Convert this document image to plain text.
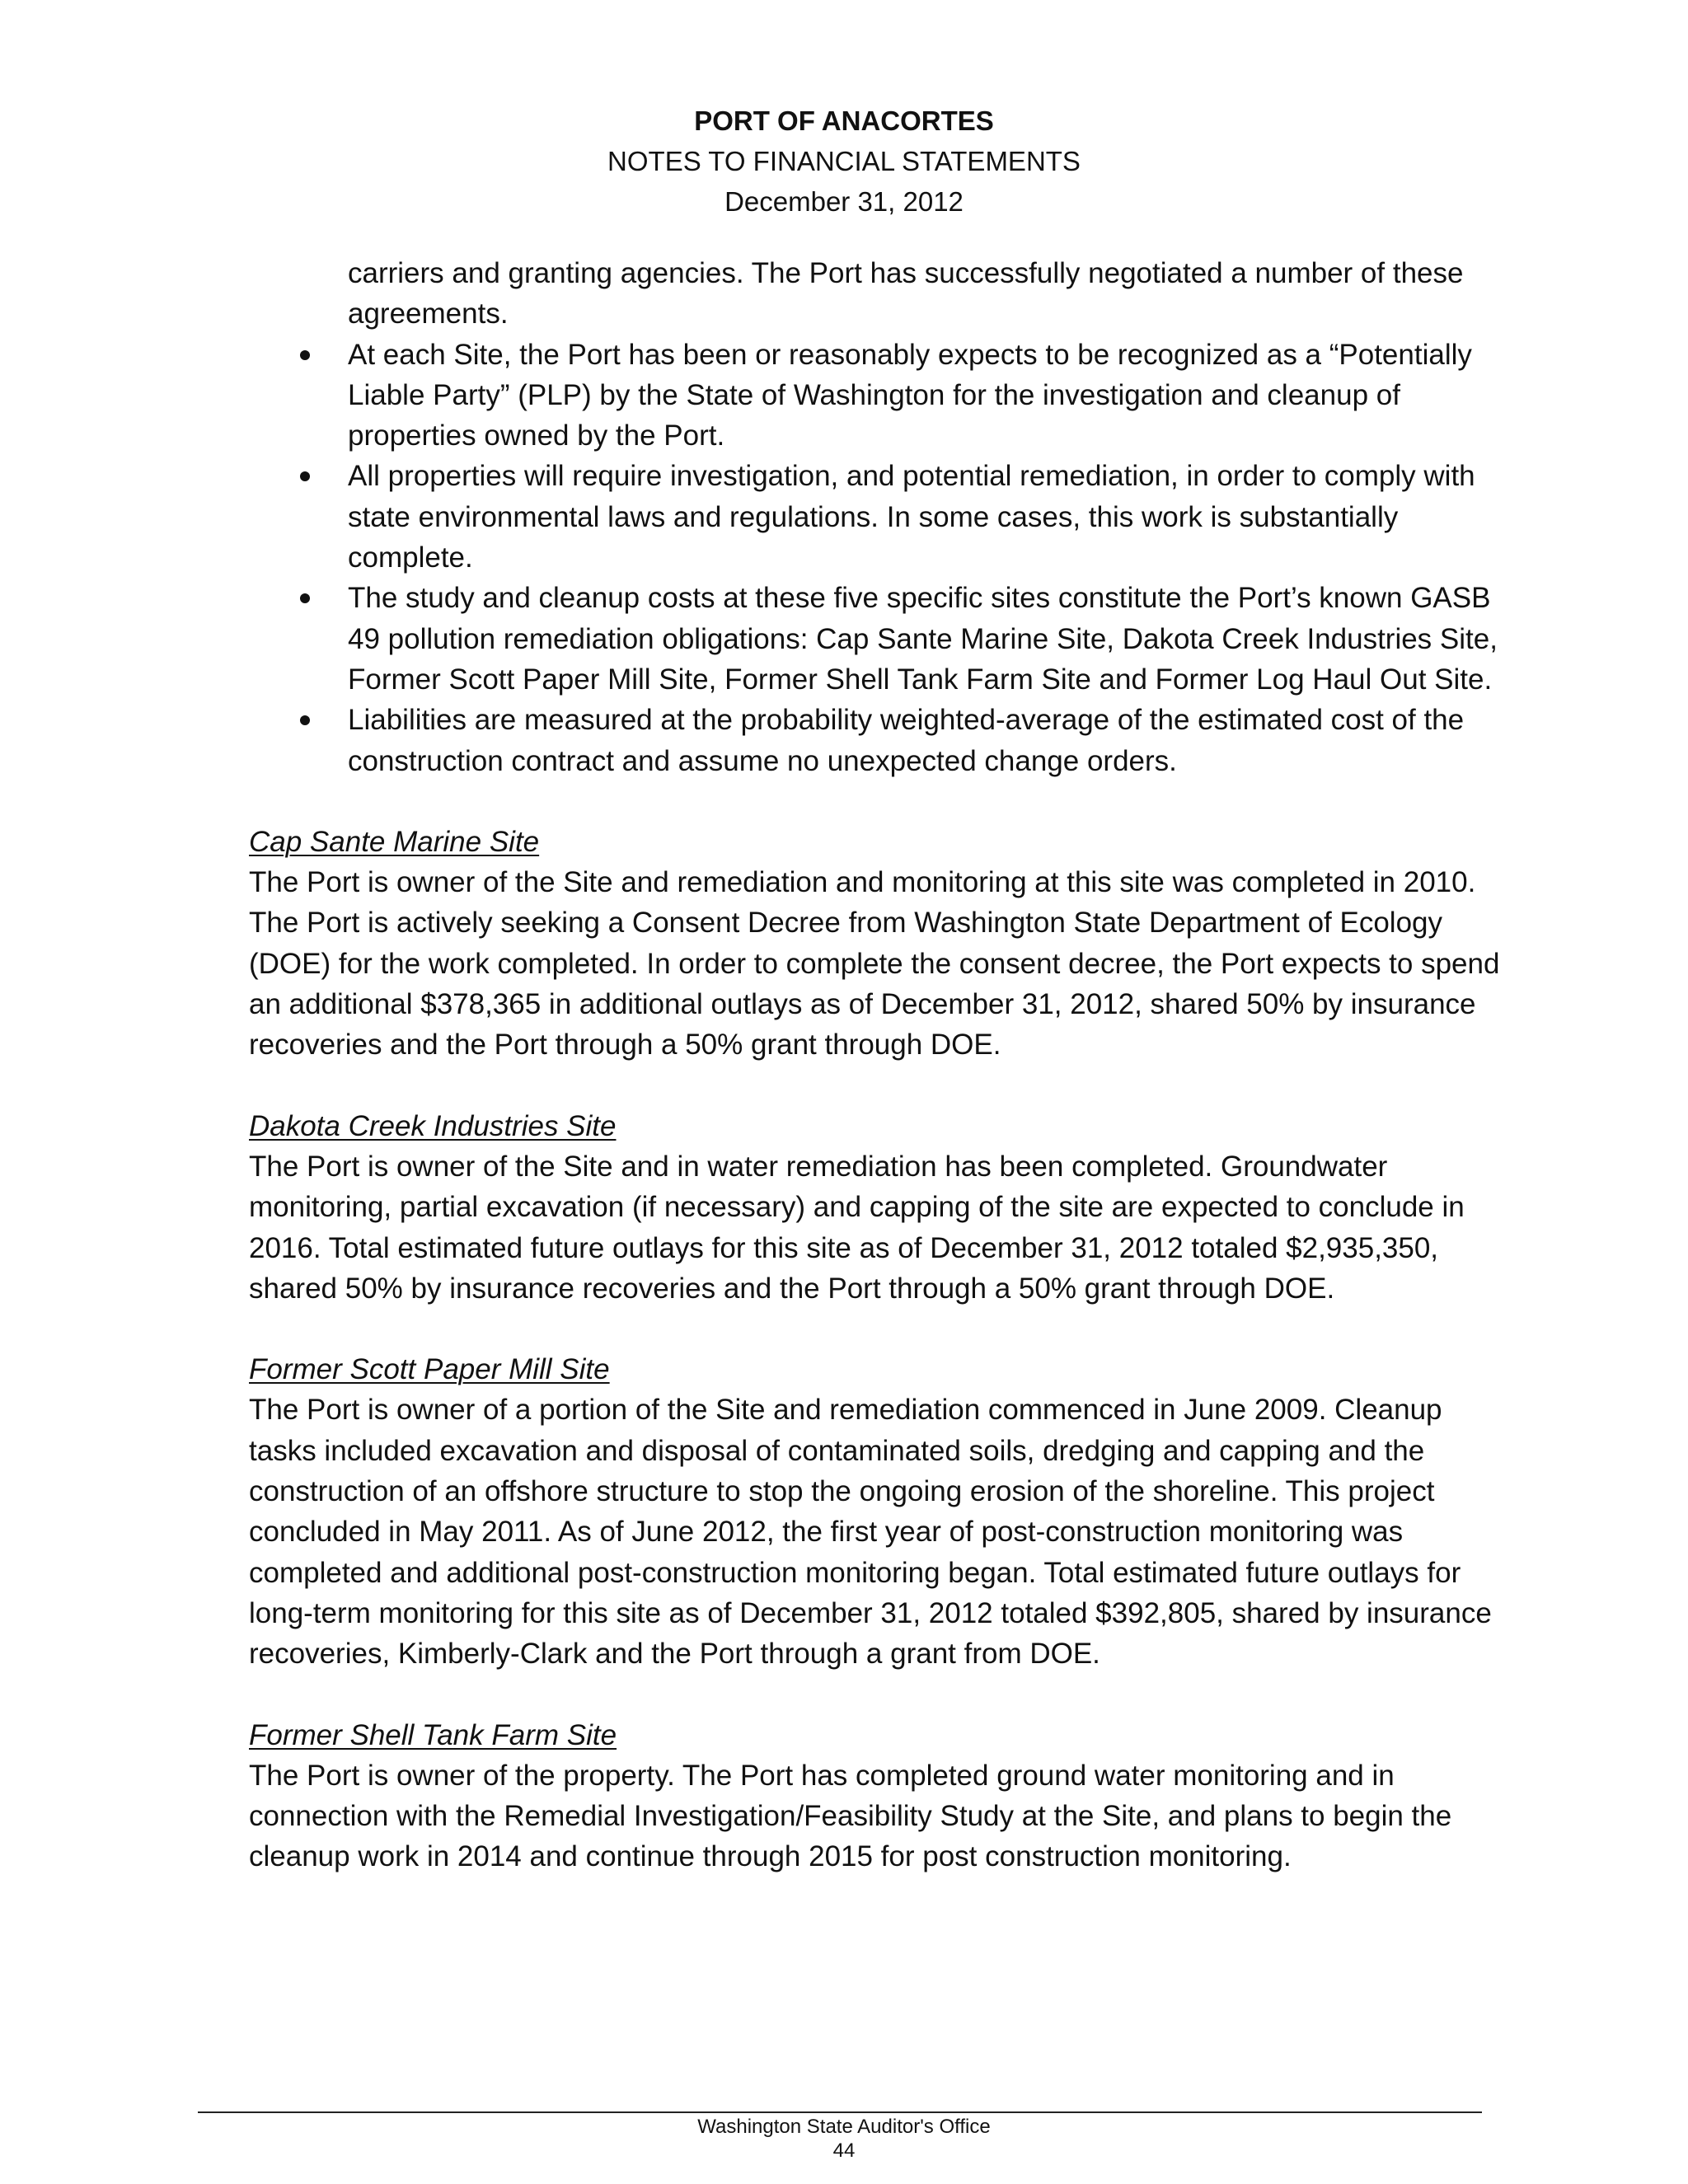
PORT OF ANACORTES
NOTES TO FINANCIAL STATEMENTS
December 31, 2012

carriers and granting agencies. The Port has successfully negotiated a number of these agreements.

At each Site, the Port has been or reasonably expects to be recognized as a “Potentially Liable Party” (PLP) by the State of Washington for the investigation and cleanup of properties owned by the Port.
All properties will require investigation, and potential remediation, in order to comply with state environmental laws and regulations. In some cases, this work is substantially complete.
The study and cleanup costs at these five specific sites constitute the Port’s known GASB 49 pollution remediation obligations: Cap Sante Marine Site, Dakota Creek Industries Site, Former Scott Paper Mill Site, Former Shell Tank Farm Site and Former Log Haul Out Site.
Liabilities are measured at the probability weighted-average of the estimated cost of the construction contract and assume no unexpected change orders.

Cap Sante Marine Site

The Port is owner of the Site and remediation and monitoring at this site was completed in 2010. The Port is actively seeking a Consent Decree from Washington State Department of Ecology (DOE) for the work completed. In order to complete the consent decree, the Port expects to spend an additional $378,365 in additional outlays as of December 31, 2012, shared 50% by insurance recoveries and the Port through a 50% grant through DOE.

Dakota Creek Industries Site

The Port is owner of the Site and in water remediation has been completed. Groundwater monitoring, partial excavation (if necessary) and capping of the site are expected to conclude in 2016. Total estimated future outlays for this site as of December 31, 2012 totaled $2,935,350, shared 50% by insurance recoveries and the Port through a 50% grant through DOE.

Former Scott Paper Mill Site

The Port is owner of a portion of the Site and remediation commenced in June 2009. Cleanup tasks included excavation and disposal of contaminated soils, dredging and capping and the construction of an offshore structure to stop the ongoing erosion of the shoreline. This project concluded in May 2011. As of June 2012, the first year of post-construction monitoring was completed and additional post-construction monitoring began. Total estimated future outlays for long-term monitoring for this site as of December 31, 2012 totaled $392,805, shared by insurance recoveries, Kimberly-Clark and the Port through a grant from DOE.

Former Shell Tank Farm Site

The Port is owner of the property. The Port has completed ground water monitoring and in connection with the Remedial Investigation/Feasibility Study at the Site, and plans to begin the cleanup work in 2014 and continue through 2015 for post construction monitoring.

Washington State Auditor's Office
44
